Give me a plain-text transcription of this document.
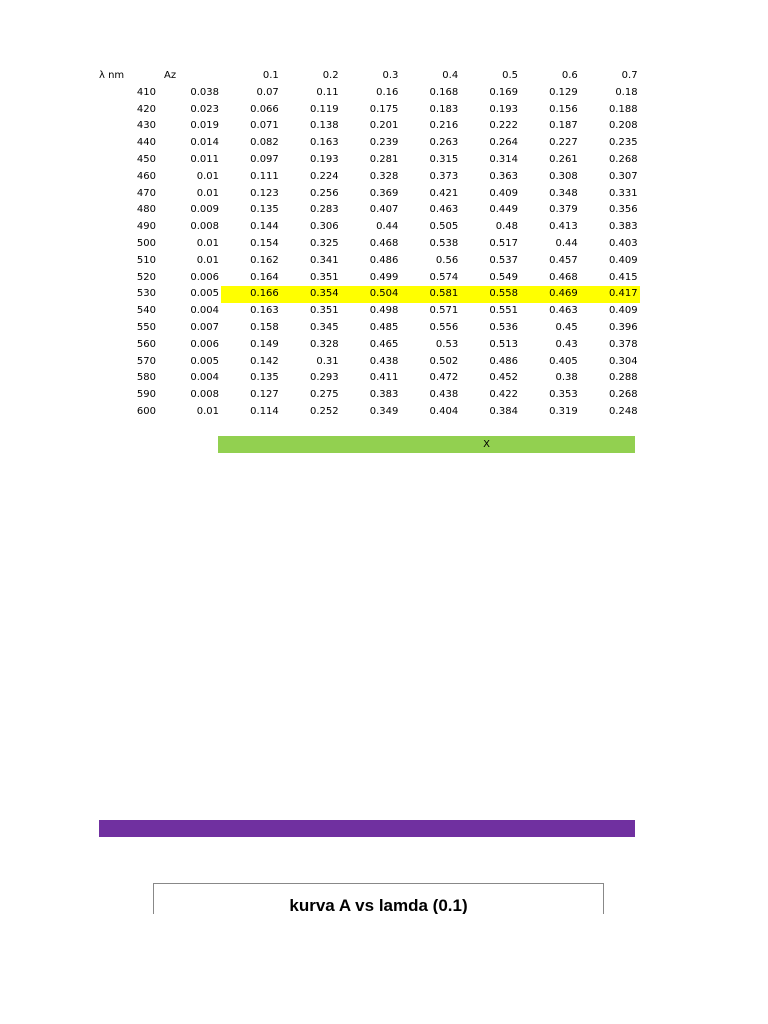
λ nm	Az	0.1	0.2	0.3	0.4	0.5	0.6	0.7
410	0.038	0.07	0.11	0.16	0.168	0.169	0.129	0.18
420	0.023	0.066	0.119	0.175	0.183	0.193	0.156	0.188
430	0.019	0.071	0.138	0.201	0.216	0.222	0.187	0.208
440	0.014	0.082	0.163	0.239	0.263	0.264	0.227	0.235
450	0.011	0.097	0.193	0.281	0.315	0.314	0.261	0.268
460	0.01	0.111	0.224	0.328	0.373	0.363	0.308	0.307
470	0.01	0.123	0.256	0.369	0.421	0.409	0.348	0.331
480	0.009	0.135	0.283	0.407	0.463	0.449	0.379	0.356
490	0.008	0.144	0.306	0.44	0.505	0.48	0.413	0.383
500	0.01	0.154	0.325	0.468	0.538	0.517	0.44	0.403
510	0.01	0.162	0.341	0.486	0.56	0.537	0.457	0.409
520	0.006	0.164	0.351	0.499	0.574	0.549	0.468	0.415
530	0.005	0.166	0.354	0.504	0.581	0.558	0.469	0.417
540	0.004	0.163	0.351	0.498	0.571	0.551	0.463	0.409
550	0.007	0.158	0.345	0.485	0.556	0.536	0.45	0.396
560	0.006	0.149	0.328	0.465	0.53	0.513	0.43	0.378
570	0.005	0.142	0.31	0.438	0.502	0.486	0.405	0.304
580	0.004	0.135	0.293	0.411	0.472	0.452	0.38	0.288
590	0.008	0.127	0.275	0.383	0.438	0.422	0.353	0.268
600	0.01	0.114	0.252	0.349	0.404	0.384	0.319	0.248
X
kurva A vs lamda (0.1)
